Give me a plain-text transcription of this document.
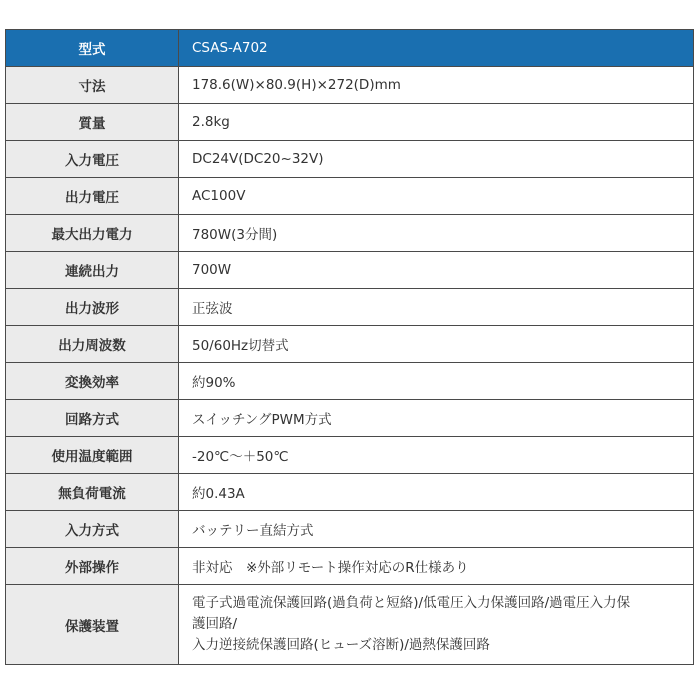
型式	CSAS-A702
寸法	178.6(W)×80.9(H)×272(D)mm
質量	2.8kg
入力電圧	DC24V(DC20~32V)
出力電圧	AC100V
最大出力電力	780W(3分間)
連続出力	700W
出力波形	正弦波
出力周波数	50/60Hz切替式
変換効率	約90%
回路方式	スイッチングPWM方式
使用温度範囲	-20℃～＋50℃
無負荷電流	約0.43A
入力方式	バッテリー直結方式
外部操作	非対応　※外部リモート操作対応のR仕様あり
保護装置	電子式過電流保護回路(過負荷と短絡)/低電圧入力保護回路/過電圧入力保
護回路/
入力逆接続保護回路(ヒューズ溶断)/過熱保護回路
